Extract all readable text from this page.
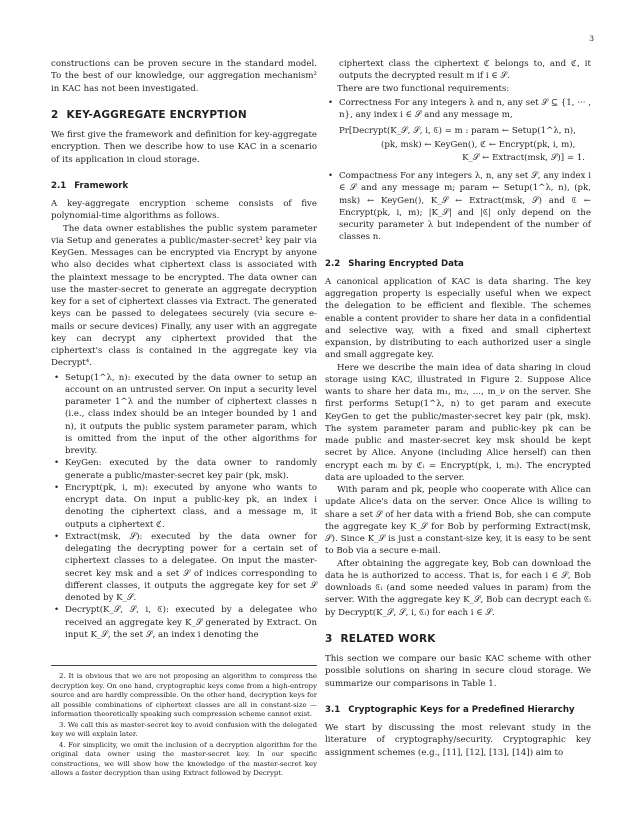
3

constructions can be proven secure in the standard model. To the best of our knowledge, our aggregation mechanism² in KAC has not been investigated.

2 KEY-AGGREGATE ENCRYPTION

We first give the framework and definition for key-aggregate encryption. Then we describe how to use KAC in a scenario of its application in cloud storage.

2.1 Framework

A key-aggregate encryption scheme consists of five polynomial-time algorithms as follows.

The data owner establishes the public system parameter via Setup and generates a public/master-secret³ key pair via KeyGen. Messages can be encrypted via Encrypt by anyone who also decides what ciphertext class is associated with the plaintext message to be encrypted. The data owner can use the master-secret to generate an aggregate decryption key for a set of ciphertext classes via Extract. The generated keys can be passed to delegatees securely (via secure e-mails or secure devices) Finally, any user with an aggregate key can decrypt any ciphertext provided that the ciphertext's class is contained in the aggregate key via Decrypt⁴.

• Setup(1^λ, n): executed by the data owner to setup an account on an untrusted server. On input a security level parameter 1^λ and the number of ciphertext classes n (i.e., class index should be an integer bounded by 1 and n), it outputs the public system parameter param, which is omitted from the input of the other algorithms for brevity.
• KeyGen: executed by the data owner to randomly generate a public/master-secret key pair (pk, msk).
• Encrypt(pk, i, m): executed by anyone who wants to encrypt data. On input a public-key pk, an index i denoting the ciphertext class, and a message m, it outputs a ciphertext ℭ.
• Extract(msk, 𝒮): executed by the data owner for delegating the decrypting power for a certain set of ciphertext classes to a delegatee. On input the master-secret key msk and a set 𝒮 of indices corresponding to different classes, it outputs the aggregate key for set 𝒮 denoted by K_𝒮.
• Decrypt(K_𝒮, 𝒮, i, ℭ): executed by a delegatee who received an aggregate key K_𝒮 generated by Extract. On input K_𝒮, the set 𝒮, an index i denoting the

2. It is obvious that we are not proposing an algorithm to compress the decryption key. On one hand, cryptographic keys come from a high-entropy source and are hardly compressible. On the other hand, decryption keys for all possible combinations of ciphertext classes are all in constant-size — information theoretically speaking such compression scheme cannot exist.

3. We call this as master-secret key to avoid confusion with the delegated key we will explain later.

4. For simplicity, we omit the inclusion of a decryption algorithm for the original data owner using the master-secret key. In our specific constructions, we will show how the knowledge of the master-secret key allows a faster decryption than using Extract followed by Decrypt.

ciphertext class the ciphertext ℭ belongs to, and ℭ, it outputs the decrypted result m if i ∈ 𝒮.

There are two functional requirements:

• Correctness For any integers λ and n, any set 𝒮 ⊆ {1, ··· , n}, any index i ∈ 𝒮 and any message m,
Pr[Decrypt(K_𝒮, 𝒮, i, ℭ) = m : param ← Setup(1^λ, n),
(pk, msk) ← KeyGen(), ℭ ← Encrypt(pk, i, m),
K_𝒮 ← Extract(msk, 𝒮)] = 1.
• Compactness For any integers λ, n, any set 𝒮, any index i ∈ 𝒮 and any message m; param ← Setup(1^λ, n), (pk, msk) ← KeyGen(), K_𝒮 ← Extract(msk, 𝒮) and ℭ ← Encrypt(pk, i, m); |K_𝒮| and |ℭ| only depend on the security parameter λ but independent of the number of classes n.
2.2 Sharing Encrypted Data

A canonical application of KAC is data sharing. The key aggregation property is especially useful when we expect the delegation to be efficient and flexible. The schemes enable a content provider to share her data in a confidential and selective way, with a fixed and small ciphertext expansion, by distributing to each authorized user a single and small aggregate key.

Here we describe the main idea of data sharing in cloud storage using KAC, illustrated in Figure 2. Suppose Alice wants to share her data m₁, m₂, ..., m_ν on the server. She first performs Setup(1^λ, n) to get param and execute KeyGen to get the public/master-secret key pair (pk, msk). The system parameter param and public-key pk can be made public and master-secret key msk should be kept secret by Alice. Anyone (including Alice herself) can then encrypt each mᵢ by ℭᵢ = Encrypt(pk, i, mᵢ). The encrypted data are uploaded to the server.

With param and pk, people who cooperate with Alice can update Alice's data on the server. Once Alice is willing to share a set 𝒮 of her data with a friend Bob, she can compute the aggregate key K_𝒮 for Bob by performing Extract(msk, 𝒮). Since K_𝒮 is just a constant-size key, it is easy to be sent to Bob via a secure e-mail.

After obtaining the aggregate key, Bob can download the data he is authorized to access. That is, for each i ∈ 𝒮, Bob downloads ℭᵢ (and some needed values in param) from the server. With the aggregate key K_𝒮, Bob can decrypt each ℭᵢ by Decrypt(K_𝒮, 𝒮, i, ℭᵢ) for each i ∈ 𝒮.

3 RELATED WORK

This section we compare our basic KAC scheme with other possible solutions on sharing in secure cloud storage. We summarize our comparisons in Table 1.

3.1 Cryptographic Keys for a Predefined Hierarchy

We start by discussing the most relevant study in the literature of cryptography/security. Cryptographic key assignment schemes (e.g., [11], [12], [13], [14]) aim to
